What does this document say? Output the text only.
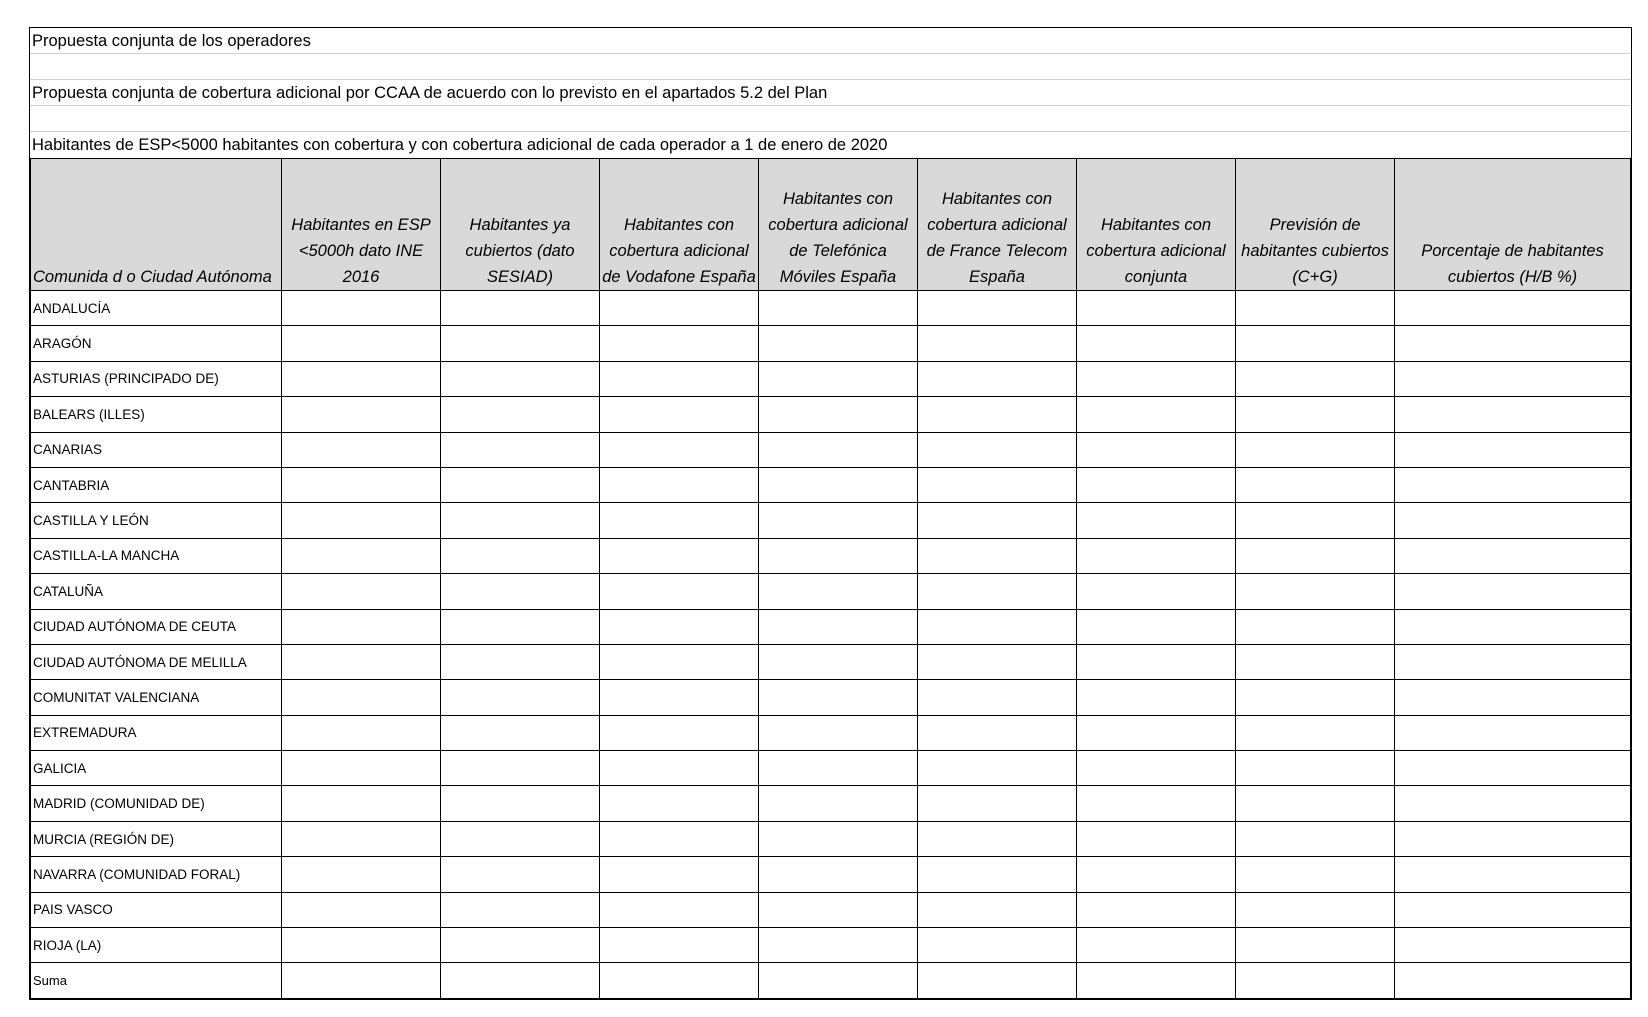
Propuesta conjunta de los operadores
Propuesta conjunta de cobertura adicional por CCAA de acuerdo con lo previsto en el apartados 5.2 del Plan
Habitantes de ESP<5000 habitantes con cobertura y con cobertura adicional de cada operador a 1 de enero de 2020
Comunida d o Ciudad Autónoma	Habitantes en ESP <5000h dato INE 2016	Habitantes ya cubiertos (dato SESIAD)	Habitantes con cobertura adicional de Vodafone España	Habitantes con cobertura adicional de Telefónica Móviles España	Habitantes con cobertura adicional de France Telecom España	Habitantes con cobertura adicional conjunta	Previsión de habitantes cubiertos (C+G)	Porcentaje de habitantes cubiertos (H/B %)
ANDALUCÍA								
ARAGÓN								
ASTURIAS (PRINCIPADO DE)								
BALEARS (ILLES)								
CANARIAS								
CANTABRIA								
CASTILLA Y LEÓN								
CASTILLA-LA MANCHA								
CATALUÑA								
CIUDAD AUTÓNOMA DE CEUTA								
CIUDAD AUTÓNOMA DE MELILLA								
COMUNITAT VALENCIANA								
EXTREMADURA								
GALICIA								
MADRID (COMUNIDAD DE)								
MURCIA (REGIÓN DE)								
NAVARRA (COMUNIDAD FORAL)								
PAIS VASCO								
RIOJA (LA)								
Suma								
